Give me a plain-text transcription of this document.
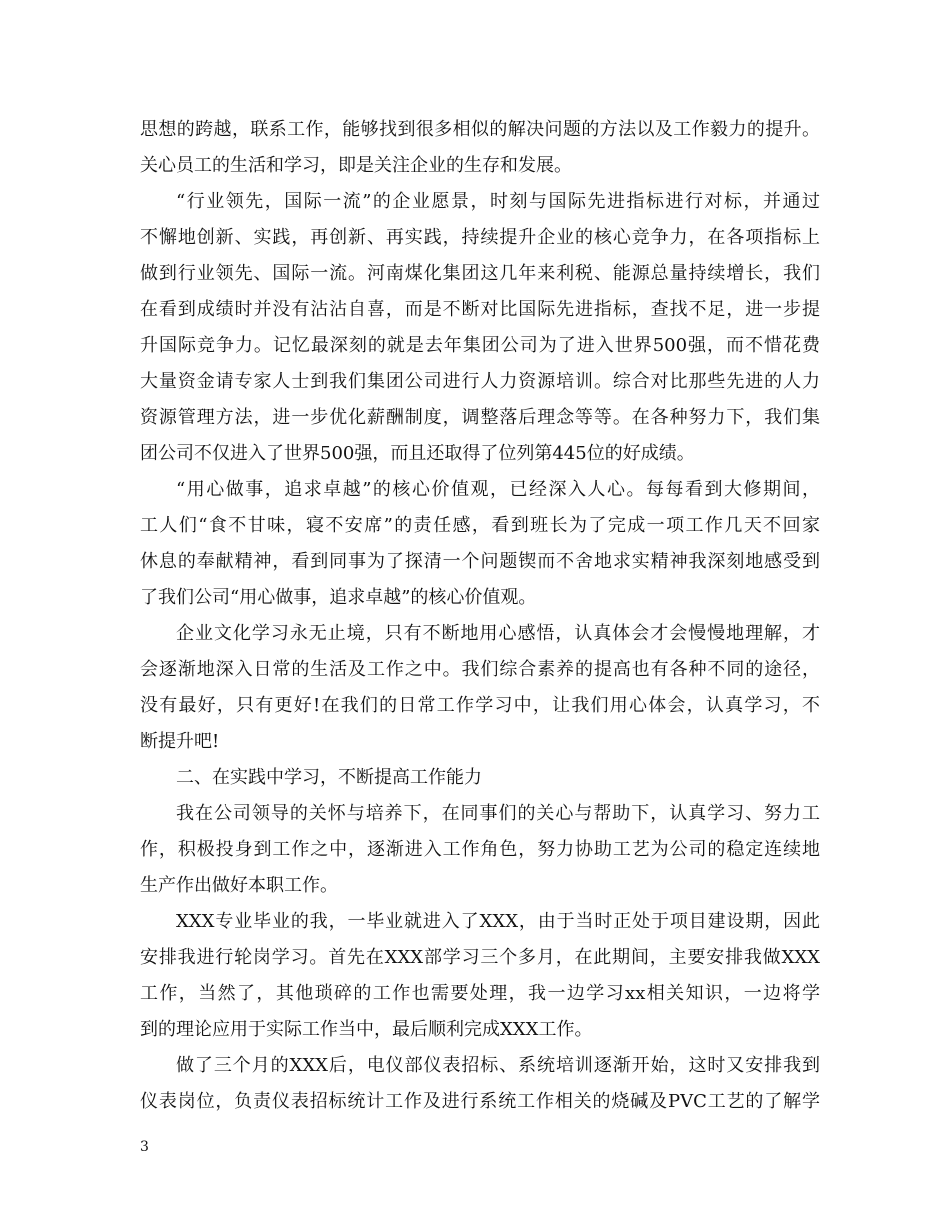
思想的跨越，联系工作，能够找到很多相似的解决问题的方法以及工作毅力的提升。
关心员工的生活和学习，即是关注企业的生存和发展。
“行业领先，国际一流”的企业愿景，时刻与国际先进指标进行对标，并通过
不懈地创新、实践，再创新、再实践，持续提升企业的核心竞争力，在各项指标上
做到行业领先、国际一流。河南煤化集团这几年来利税、能源总量持续增长，我们
在看到成绩时并没有沾沾自喜，而是不断对比国际先进指标，查找不足，进一步提
升国际竞争力。记忆最深刻的就是去年集团公司为了进入世界500强，而不惜花费
大量资金请专家人士到我们集团公司进行人力资源培训。综合对比那些先进的人力
资源管理方法，进一步优化薪酬制度，调整落后理念等等。在各种努力下，我们集
团公司不仅进入了世界500强，而且还取得了位列第445位的好成绩。
“用心做事，追求卓越”的核心价值观，已经深入人心。每每看到大修期间，
工人们“食不甘味，寝不安席”的责任感，看到班长为了完成一项工作几天不回家
休息的奉献精神，看到同事为了探清一个问题锲而不舍地求实精神我深刻地感受到
了我们公司“用心做事，追求卓越”的核心价值观。
企业文化学习永无止境，只有不断地用心感悟，认真体会才会慢慢地理解，才
会逐渐地深入日常的生活及工作之中。我们综合素养的提高也有各种不同的途径，
没有最好，只有更好!在我们的日常工作学习中，让我们用心体会，认真学习，不
断提升吧!
二、在实践中学习，不断提高工作能力
我在公司领导的关怀与培养下，在同事们的关心与帮助下，认真学习、努力工
作，积极投身到工作之中，逐渐进入工作角色，努力协助工艺为公司的稳定连续地
生产作出做好本职工作。
XXX专业毕业的我，一毕业就进入了XXX，由于当时正处于项目建设期，因此
安排我进行轮岗学习。首先在XXX部学习三个多月，在此期间，主要安排我做XXX
工作，当然了，其他琐碎的工作也需要处理，我一边学习xx相关知识，一边将学
到的理论应用于实际工作当中，最后顺利完成XXX工作。
做了三个月的XXX后，电仪部仪表招标、系统培训逐渐开始，这时又安排我到
仪表岗位，负责仪表招标统计工作及进行系统工作相关的烧碱及PVC工艺的了解学
3
